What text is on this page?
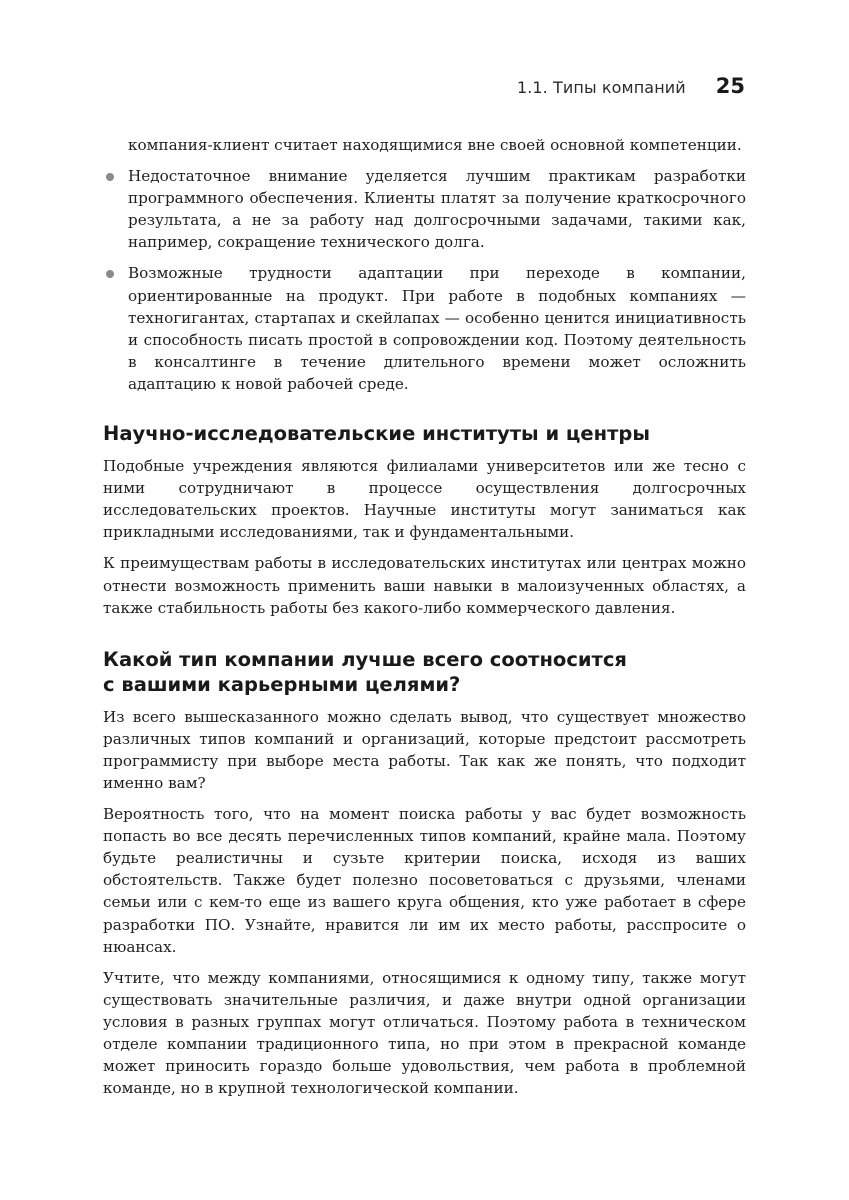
1.1. Типы компаний 25

компания-клиент считает находящимися вне своей основной компетенции.

Недостаточное внимание уделяется лучшим практикам разработки программного обеспечения. Клиенты платят за получение краткосрочного результата, а не за работу над долгосрочными задачами, такими как, например, сокращение технического долга.
Возможные трудности адаптации при переходе в компании, ориентированные на продукт. При работе в подобных компаниях — техногигантах, стартапах и скейлапах — особенно ценится инициативность и способность писать простой в сопровождении код. Поэтому деятельность в консалтинге в течение длительного времени может осложнить адаптацию к новой рабочей среде.
Научно-исследовательские институты и центры

Подобные учреждения являются филиалами университетов или же тесно с ними сотрудничают в процессе осуществления долгосрочных исследовательских проектов. Научные институты могут заниматься как прикладными исследованиями, так и фундаментальными.

К преимуществам работы в исследовательских институтах или центрах можно отнести возможность применить ваши навыки в малоизученных областях, а также стабильность работы без какого-либо коммерческого давления.

Какой тип компании лучше всего соотносится
с вашими карьерными целями?

Из всего вышесказанного можно сделать вывод, что существует множество различных типов компаний и организаций, которые предстоит рассмотреть программисту при выборе места работы. Так как же понять, что подходит именно вам?

Вероятность того, что на момент поиска работы у вас будет возможность попасть во все десять перечисленных типов компаний, крайне мала. Поэтому будьте реалистичны и сузьте критерии поиска, исходя из ваших обстоятельств. Также будет полезно посоветоваться с друзьями, членами семьи или с кем-то еще из вашего круга общения, кто уже работает в сфере разработки ПО. Узнайте, нравится ли им их место работы, расспросите о нюансах.

Учтите, что между компаниями, относящимися к одному типу, также могут существовать значительные различия, и даже внутри одной организации условия в разных группах могут отличаться. Поэтому работа в техническом отделе компании традиционного типа, но при этом в прекрасной команде может приносить гораздо больше удовольствия, чем работа в проблемной команде, но в крупной технологической компании.
